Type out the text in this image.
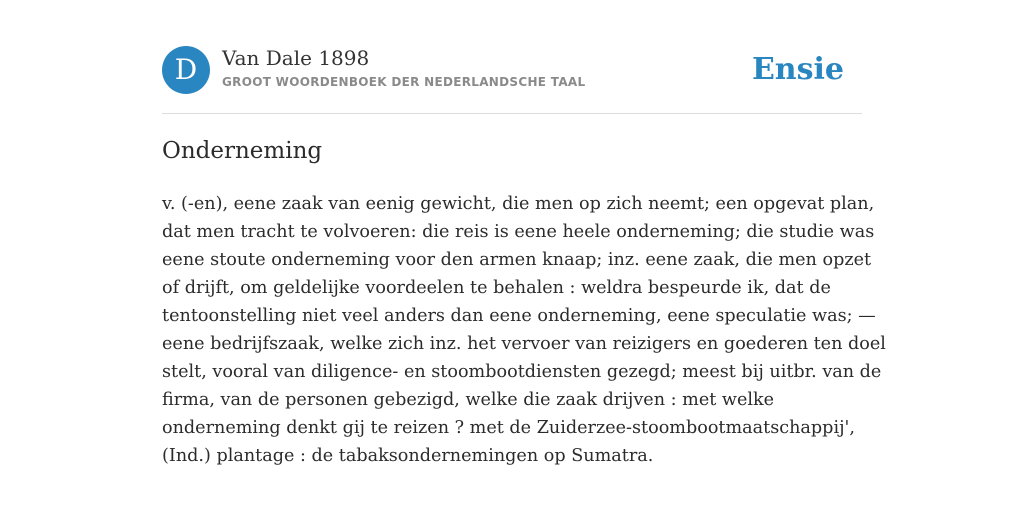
D	Van Dale 1898
GROOT WOORDENBOEK DER NEDERLANDSCHE TAAL	Ensie
Onderneming

v. (-en), eene zaak van eenig gewicht, die men op zich neemt; een opgevat plan,
dat men tracht te volvoeren: die reis is eene heele onderneming; die studie was
eene stoute onderneming voor den armen knaap; inz. eene zaak, die men opzet
of drijft, om geldelijke voordeelen te behalen : weldra bespeurde ik, dat de
tentoonstelling niet veel anders dan eene onderneming, eene speculatie was; —
eene bedrijfszaak, welke zich inz. het vervoer van reizigers en goederen ten doel
stelt, vooral van diligence- en stoombootdiensten gezegd; meest bij uitbr. van de
firma, van de personen gebezigd, welke die zaak drijven : met welke
onderneming denkt gij te reizen ? met de Zuiderzee-stoombootmaatschappij',
(Ind.) plantage : de tabaksondernemingen op Sumatra.
